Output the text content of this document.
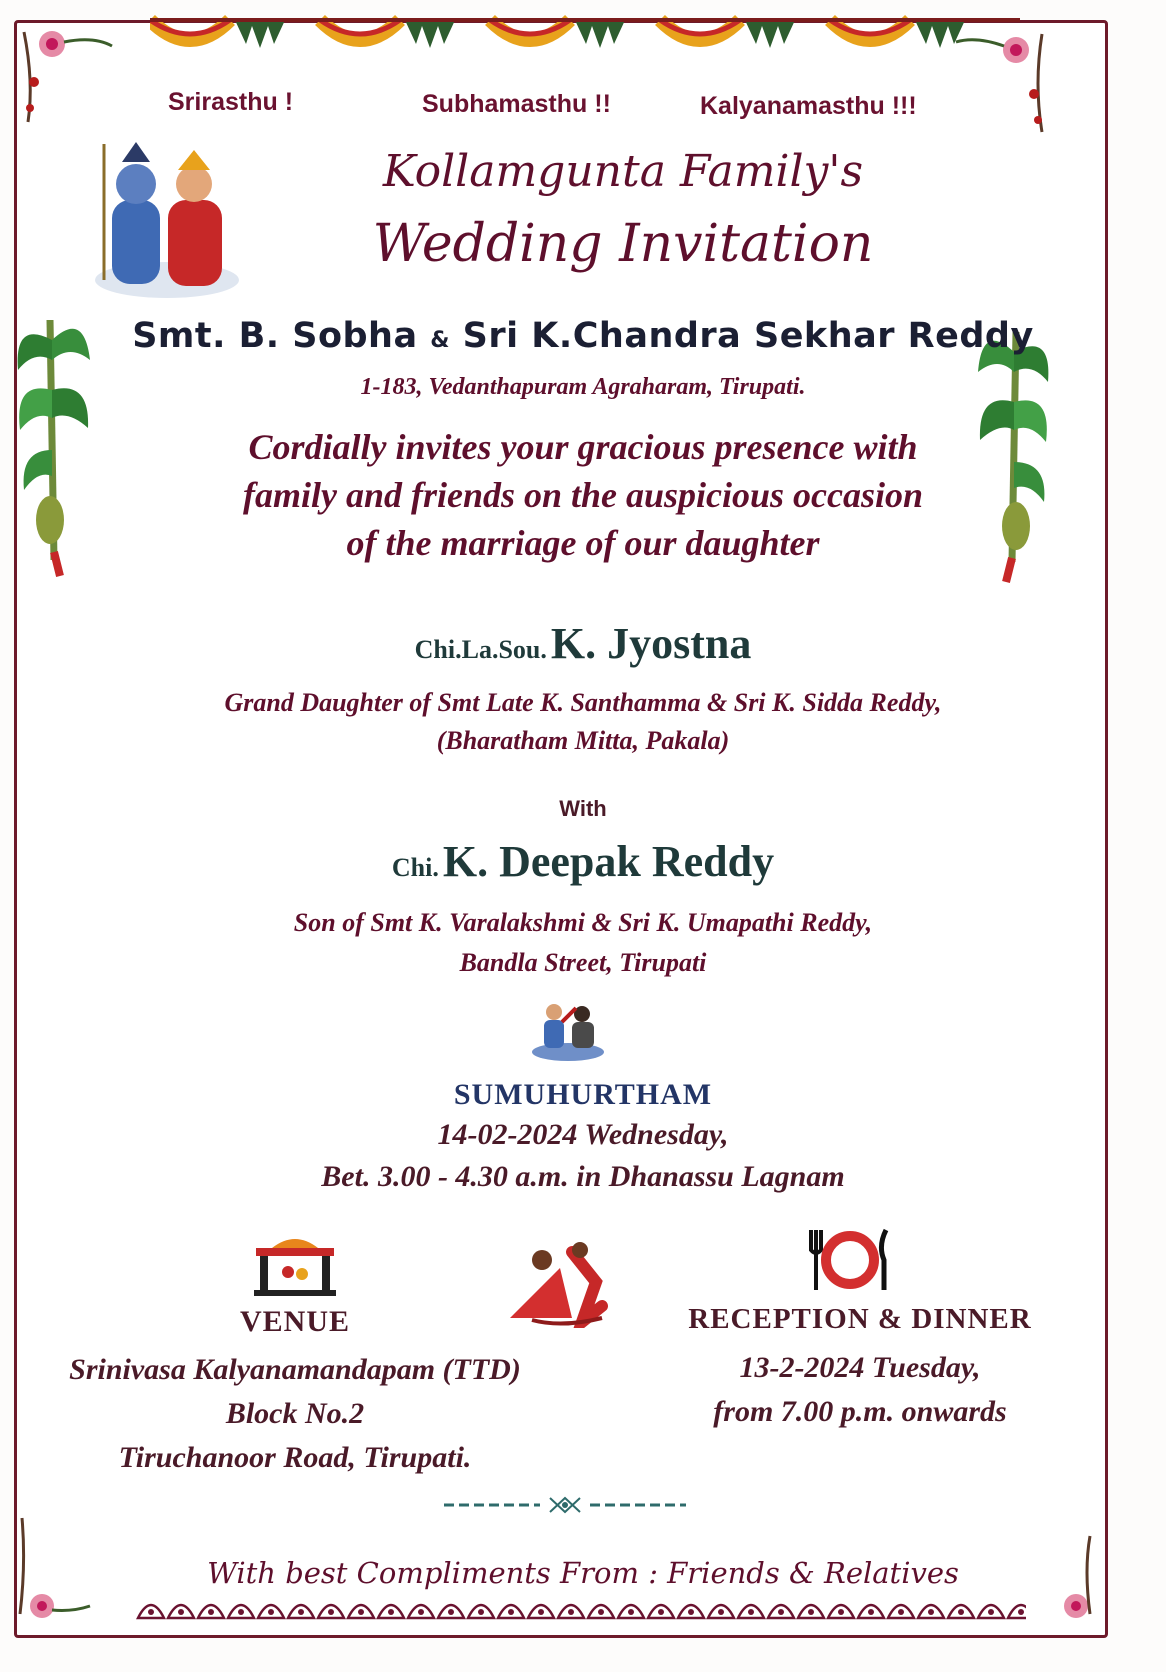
Srirasthu !	Subhamasthu !!	Kalyanamasthu !!!
Kollamgunta Family's
Wedding Invitation
Smt. B. Sobha & Sri K.Chandra Sekhar Reddy
1-183, Vedanthapuram Agraharam, Tirupati.
Cordially invites your gracious presence with
family and friends on the auspicious occasion
of the marriage of our daughter
Chi.La.Sou. K. Jyostna
Grand Daughter of Smt Late K. Santhamma & Sri K. Sidda Reddy,
(Bharatham Mitta, Pakala)
With
Chi. K. Deepak Reddy
Son of Smt K. Varalakshmi & Sri K. Umapathi Reddy,
Bandla Street, Tirupati
SUMUHURTHAM
14-02-2024 Wednesday,
Bet. 3.00 - 4.30 a.m. in Dhanassu Lagnam
VENUE
Srinivasa Kalyanamandapam (TTD)
Block No.2
Tiruchanoor Road, Tirupati.
RECEPTION & DINNER
13-2-2024 Tuesday,
from 7.00 p.m. onwards
With best Compliments From : Friends & Relatives
